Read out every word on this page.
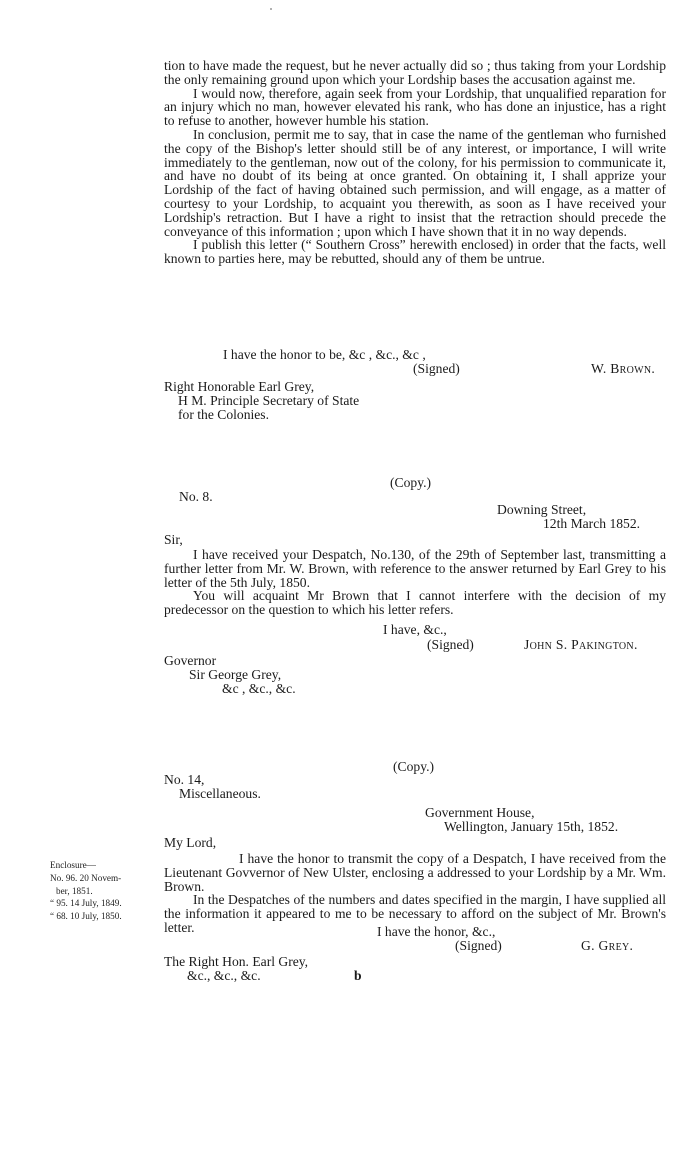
tion to have made the request, but he never actually did so ; thus taking from your Lordship the only remaining ground upon which your Lordship bases the accusation against me.

I would now, therefore, again seek from your Lordship, that unqualified reparation for an injury which no man, however elevated his rank, who has done an injustice, has a right to refuse to another, however humble his station.

In conclusion, permit me to say, that in case the name of the gentleman who furnished the copy of the Bishop's letter should still be of any interest, or importance, I will write immediately to the gentleman, now out of the colony, for his permission to communicate it, and have no doubt of its being at once granted. On obtaining it, I shall apprize your Lordship of the fact of having obtained such permission, and will engage, as a matter of courtesy to your Lordship, to acquaint you therewith, as soon as I have received your Lordship's retraction. But I have a right to insist that the retraction should precede the conveyance of this information ; upon which I have shown that it in no way depends.

I publish this letter (“ Southern Cross” herewith enclosed) in order that the facts, well known to parties here, may be rebutted, should any of them be untrue.

I have the honor to be, &c , &c., &c ,
(Signed)	W. Brown.
Right Honorable Earl Grey,
H M. Principle Secretary of State
for the Colonies.
(Copy.)
No. 8.
Downing Street,
12th March 1852.
Sir,

I have received your Despatch, No.130, of the 29th of September last, transmitting a further letter from Mr. W. Brown, with reference to the answer returned by Earl Grey to his letter of the 5th July, 1850.

You will acquaint Mr Brown that I cannot interfere with the decision of my predecessor on the question to which his letter refers.

I have, &c.,
(Signed)	John S. Pakington.
Governor
Sir George Grey,
&c , &c., &c.
(Copy.)
No. 14,
Miscellaneous.
Government House,
Wellington, January 15th, 1852.
My Lord,

I have the honor to transmit the copy of a Despatch, I have received from the Lieutenant Govvernor of New Ulster, enclosing a addressed to your Lordship by a Mr. Wm. Brown.

In the Despatches of the numbers and dates specified in the margin, I have supplied all the information it appeared to me to be necessary to afford on the subject of Mr. Brown's letter.	I have the honor, &c.,
(Signed)	G. Grey.
The Right Hon. Earl Grey,
&c., &c., &c.	b
Enclosure—
No. 96. 20 Novem-
ber, 1851.
“ 95. 14 July, 1849.
“ 68. 10 July, 1850.
